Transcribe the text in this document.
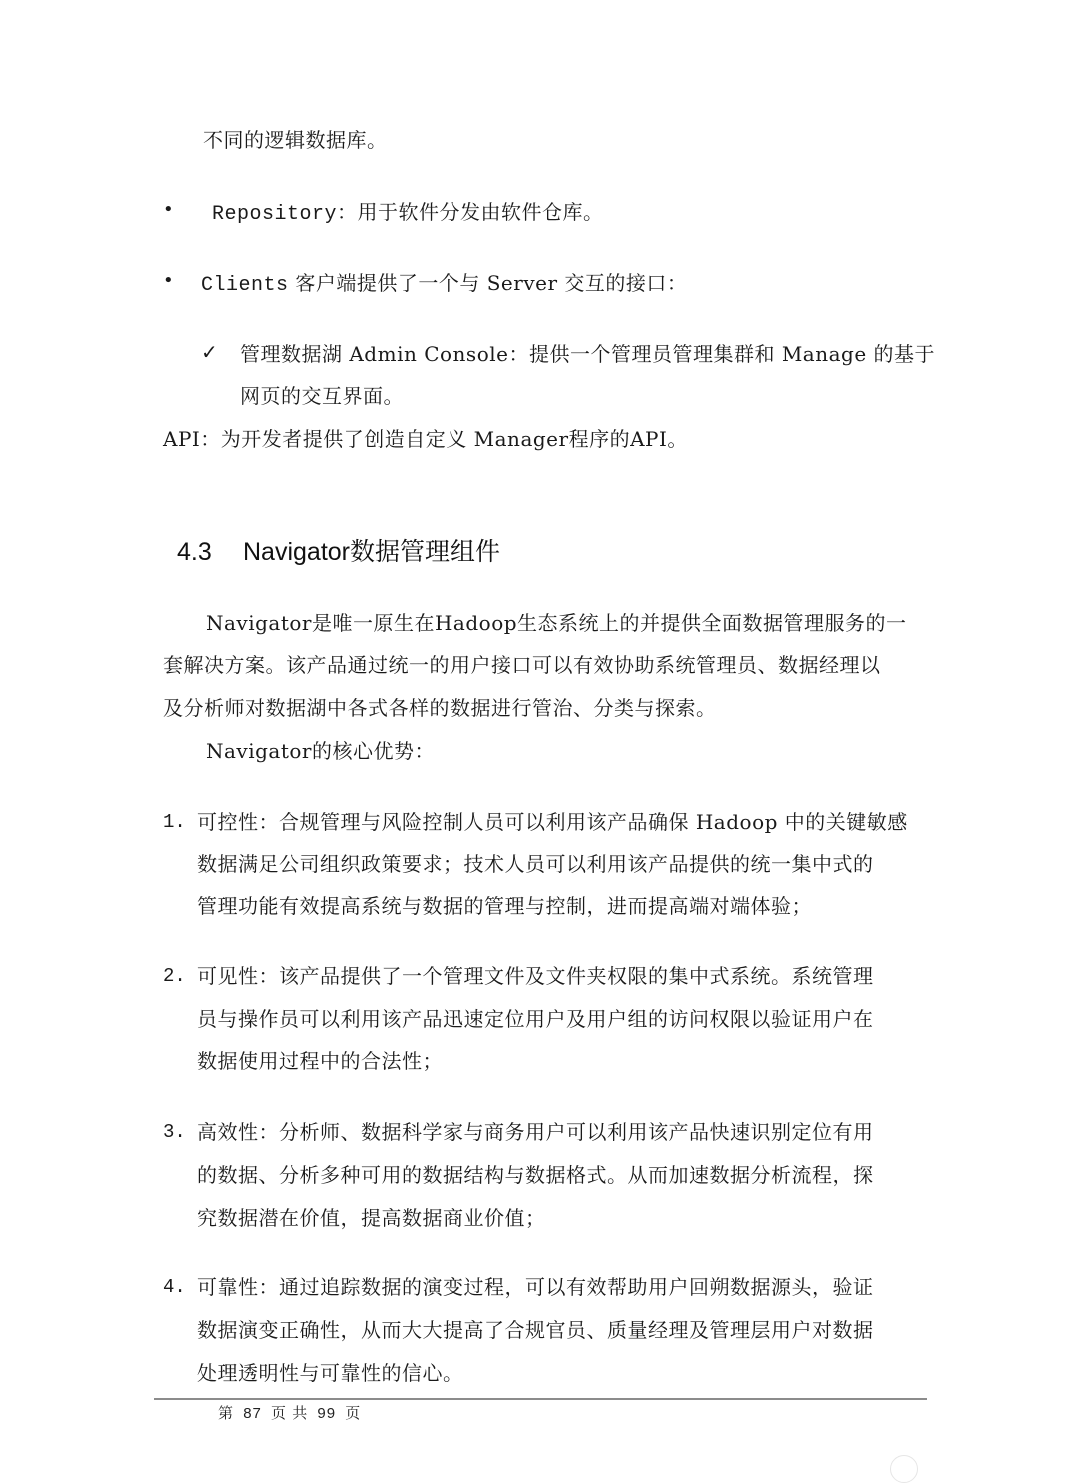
不同的逻辑数据库。
• Repository：用于软件分发由软件仓库。
• Clients 客户端提供了一个与 Server 交互的接口：
✓ 管理数据湖 Admin Console：提供一个管理员管理集群和 Manage 的基于
网页的交互界面。
API：为开发者提供了创造自定义 Manager程序的API。
4.3 Navigator数据管理组件
Navigator是唯一原生在Hadoop生态系统上的并提供全面数据管理服务的一
套解决方案。该产品通过统一的用户接口可以有效协助系统管理员、数据经理以
及分析师对数据湖中各式各样的数据进行管治、分类与探索。
Navigator的核心优势：
1. 可控性：合规管理与风险控制人员可以利用该产品确保 Hadoop 中的关键敏感
数据满足公司组织政策要求；技术人员可以利用该产品提供的统一集中式的
管理功能有效提高系统与数据的管理与控制，进而提高端对端体验；
2. 可见性：该产品提供了一个管理文件及文件夹权限的集中式系统。系统管理
员与操作员可以利用该产品迅速定位用户及用户组的访问权限以验证用户在
数据使用过程中的合法性；
3. 高效性：分析师、数据科学家与商务用户可以利用该产品快速识别定位有用
的数据、分析多种可用的数据结构与数据格式。从而加速数据分析流程，探
究数据潜在价值，提高数据商业价值；
4. 可靠性：通过追踪数据的演变过程，可以有效帮助用户回朔数据源头，验证
数据演变正确性，从而大大提高了合规官员、质量经理及管理层用户对数据
处理透明性与可靠性的信心。
第 87 页 共 99 页
